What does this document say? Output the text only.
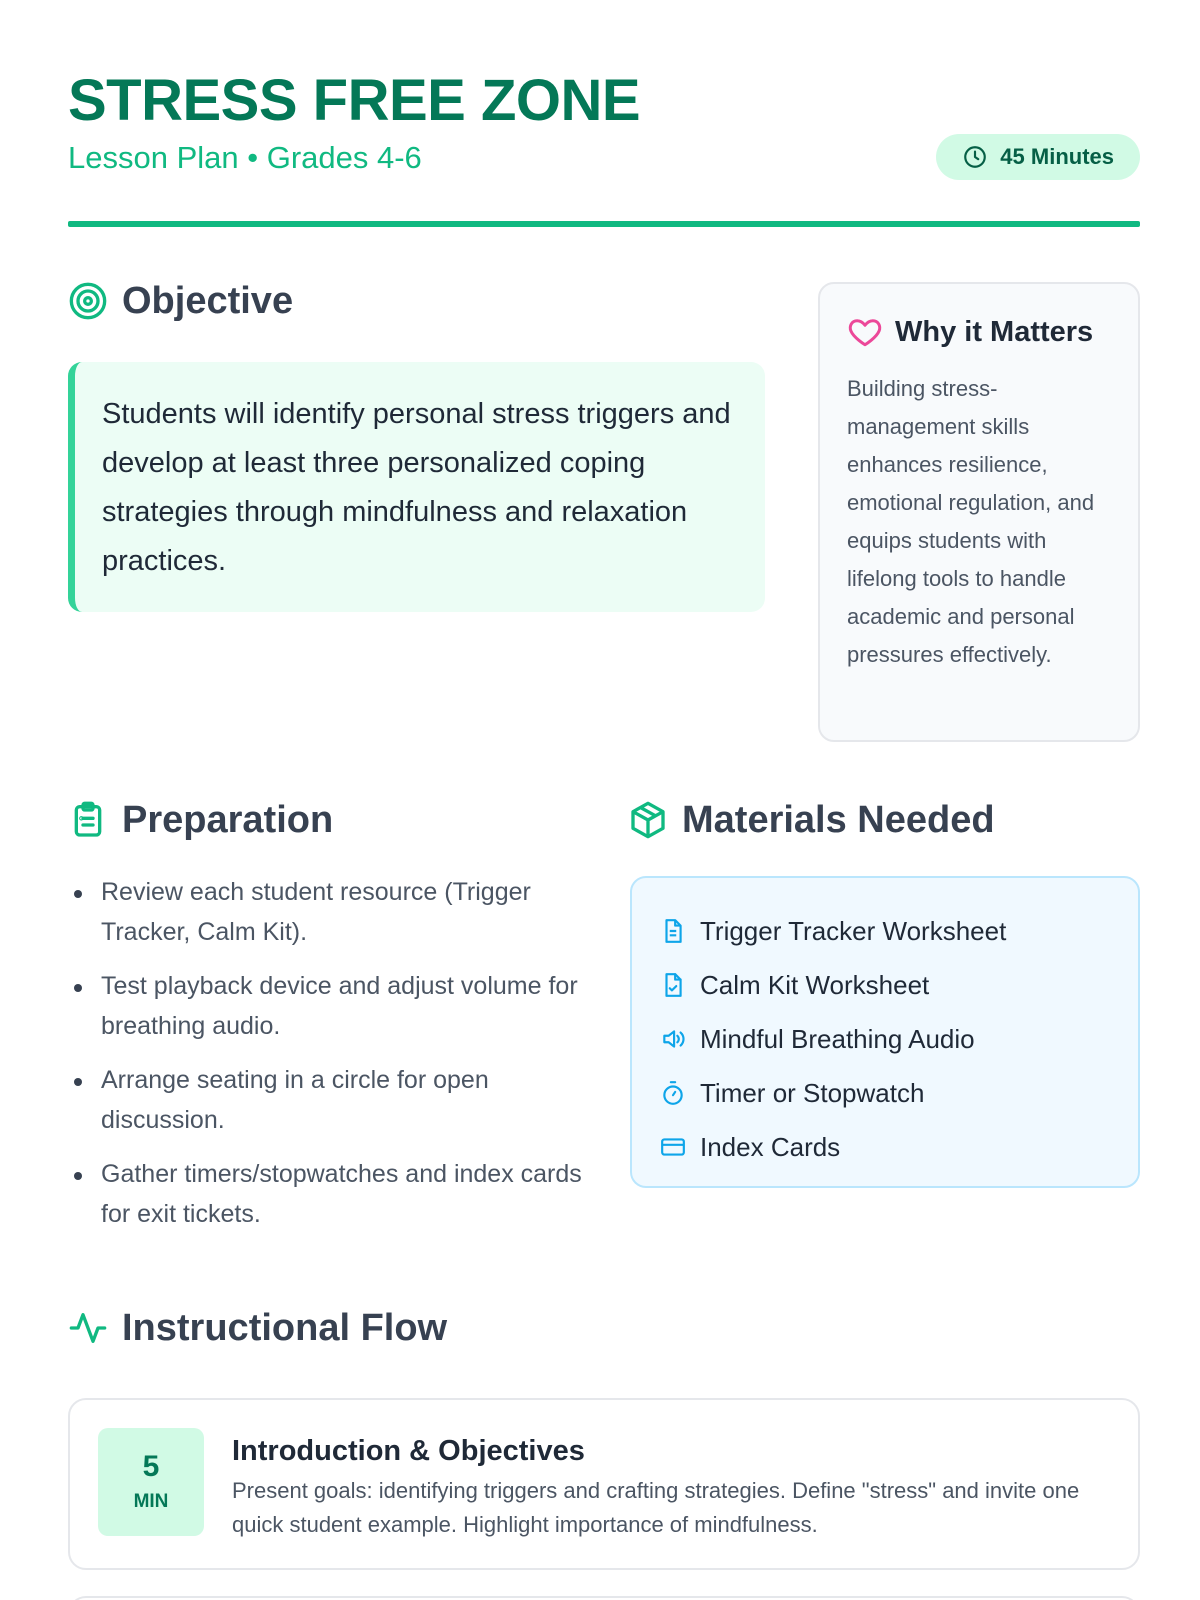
STRESS FREE ZONE
Lesson Plan • Grades 4-6	45 Minutes
Objective
Students will identify personal stress triggers and develop at least three personalized coping strategies through mindfulness and relaxation practices.
Why it Matters

Building stress-management skills enhances resilience, emotional regulation, and equips students with lifelong tools to handle academic and personal pressures effectively.

Preparation
Review each student resource (Trigger Tracker, Calm Kit).
Test playback device and adjust volume for breathing audio.
Arrange seating in a circle for open discussion.
Gather timers/stopwatches and index cards for exit tickets.
Materials Needed
Trigger Tracker Worksheet
Calm Kit Worksheet
Mindful Breathing Audio
Timer or Stopwatch
Index Cards
Instructional Flow
5
MIN
Introduction & Objectives
Present goals: identifying triggers and crafting strategies. Define "stress" and invite one quick student example. Highlight importance of mindfulness.
